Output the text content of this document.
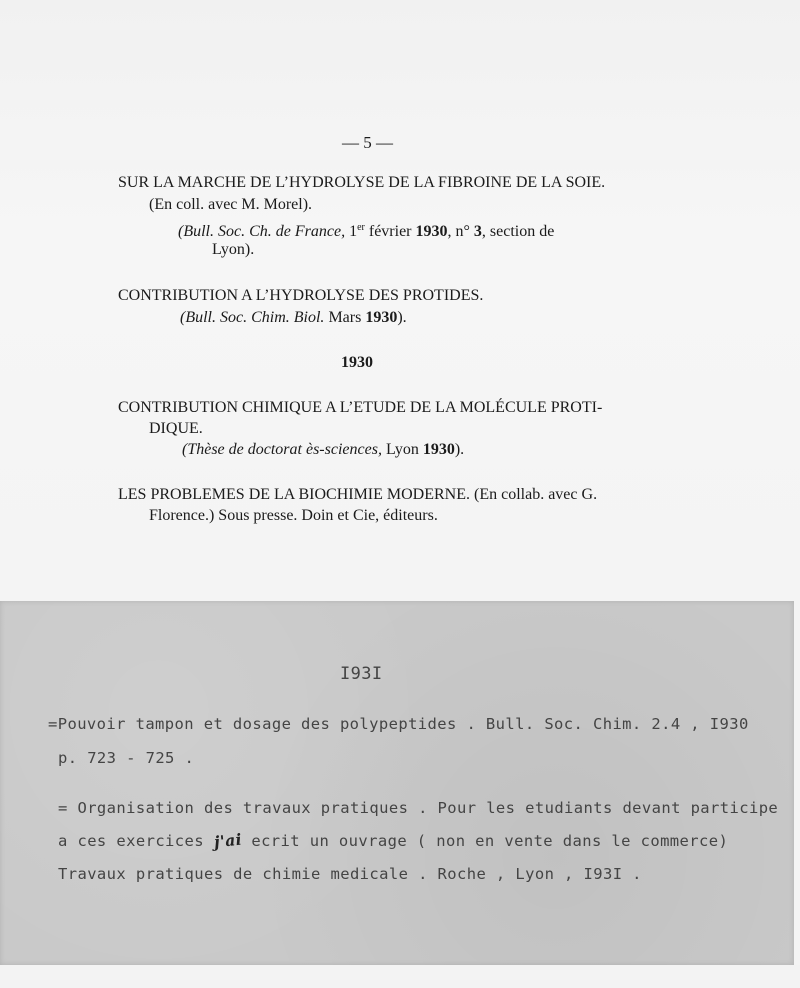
— 5 —
SUR LA MARCHE DE L’HYDROLYSE DE LA FIBROINE DE LA SOIE.
(En coll. avec M. Morel).
(Bull. Soc. Ch. de France, 1er février 1930, n° 3, section de
Lyon).
CONTRIBUTION A L’HYDROLYSE DES PROTIDES.
(Bull. Soc. Chim. Biol. Mars 1930).
1930
CONTRIBUTION CHIMIQUE A L’ETUDE DE LA MOLÉCULE PROTI-
DIQUE.
(Thèse de doctorat ès-sciences, Lyon 1930).
LES PROBLEMES DE LA BIOCHIMIE MODERNE. (En collab. avec G.
Florence.) Sous presse. Doin et Cie, éditeurs.
I93I
=Pouvoir tampon et dosage des polypeptides . Bull. Soc. Chim. 2.4 , I930
p. 723 - 725 .
= Organisation des travaux pratiques . Pour les etudiants devant participe
a ces exercices j'ai ecrit un ouvrage ( non en vente dans le commerce)
Travaux pratiques de chimie medicale . Roche , Lyon , I93I .
